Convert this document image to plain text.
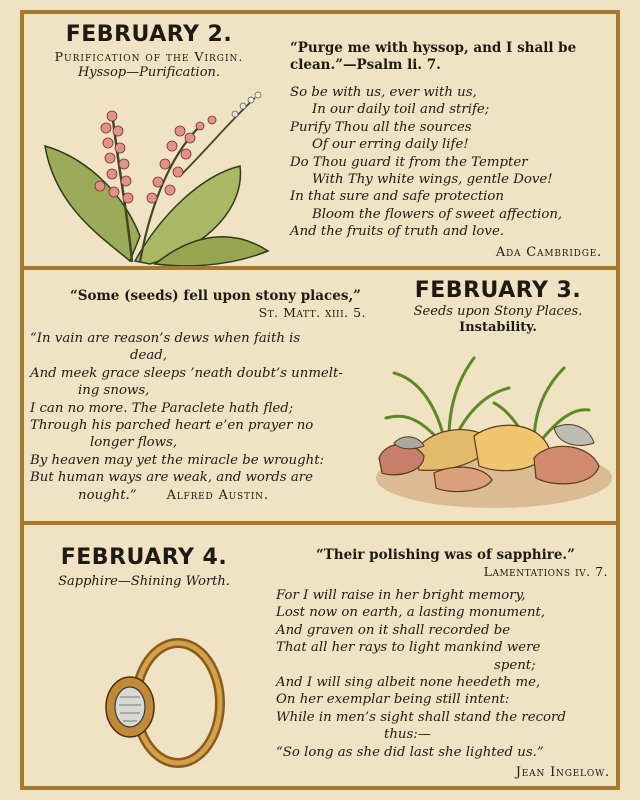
FEBRUARY 2.

Purification of the Virgin.

Hyssop—Purification.

“Purge me with hyssop, and I shall be clean.”—Psalm li. 7.
So be with us, ever with us,
In our daily toil and strife;
Purify Thou all the sources
Of our erring daily life!
Do Thou guard it from the Tempter
With Thy white wings, gentle Dove!
In that sure and safe protection
Bloom the flowers of sweet affection,
And the fruits of truth and love.
Ada Cambridge.
“Some (seeds) fell upon stony places,”
St. Matt. xiii. 5.
“In vain are reason’s dews when faith is
dead,
And meek grace sleeps ’neath doubt’s unmelt-
ing snows,
I can no more. The Paraclete hath fled;
Through his parched heart e’en prayer no
longer flows,
By heaven may yet the miracle be wrought:
But human ways are weak, and words are
nought.” Alfred Austin.

FEBRUARY 3.

Seeds upon Stony Places.

Instability.

FEBRUARY 4.

Sapphire—Shining Worth.

“Their polishing was of sapphire.”
Lamentations iv. 7.
For I will raise in her bright memory,
Lost now on earth, a lasting monument,
And graven on it shall recorded be
That all her rays to light mankind were
spent;
And I will sing albeit none heedeth me,
On her exemplar being still intent:
While in men’s sight shall stand the record
thus:—
“So long as she did last she lighted us.”
Jean Ingelow.
